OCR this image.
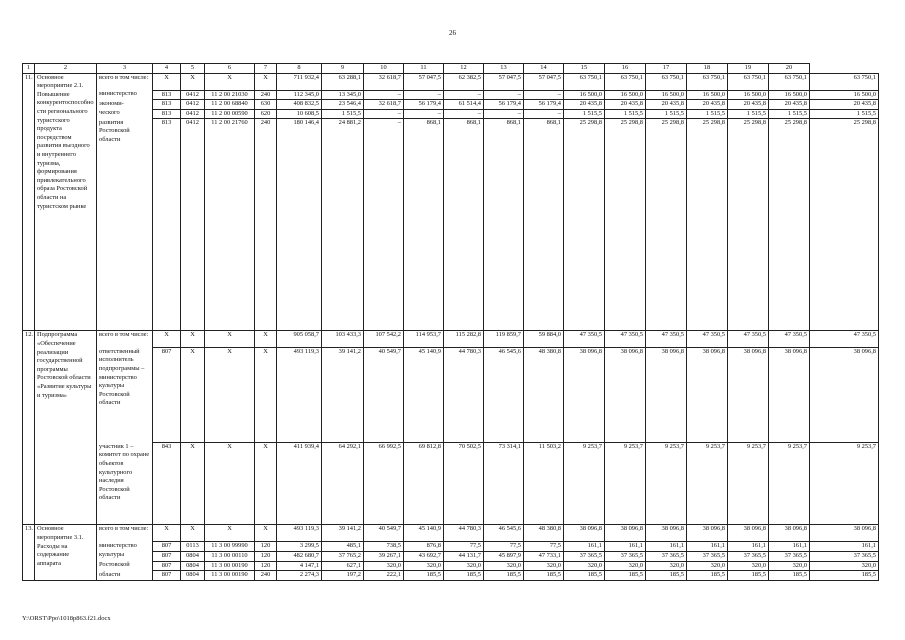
26
1	2	3	4	5	6	7	8	9	10	11	12	13	14	15	16	17	18	19	20	
11.	Основное мероприятие 2.1. Повышение конкурентоспособности регионального туристского продукта посредством развития въездного и внутреннего туризма, формирования привлекательного образа Ростовской области на туристском рынке	всего в том числе:	X	X	X	X	711 932,4	63 288,1	32 618,7	57 047,5	62 382,5	57 047,5	57 047,5	63 750,1	63 750,1	63 750,1	63 750,1	63 750,1	63 750,1	63 750,1
		министерство	813	0412	11 2 00 21030	240	112 345,0	13 345,0	–	–	–	–	–	16 500,0	16 500,0	16 500,0	16 500,0	16 500,0	16 500,0	16 500,0
		экономи-	813	0412	11 2 00 68840	630	408 832,5	23 546,4	32 618,7	56 179,4	61 514,4	56 179,4	56 179,4	20 435,8	20 435,8	20 435,8	20 435,8	20 435,8	20 435,8	20 435,8
		ческого	813	0412	11 2 00 00590	620	10 608,5	1 515,5	–	–	–	–	–	1 515,5	1 515,5	1 515,5	1 515,5	1 515,5	1 515,5	1 515,5
		развития Ростовской области	813	0412	11 2 00 21760	240	180 146,4	24 881,2	–	868,1	868,1	868,1	868,1	25 298,8	25 298,8	25 298,8	25 298,8	25 298,8	25 298,8	25 298,8
12.	Подпрограмма «Обеспечение реализации государственной программы Ростовской области «Развитие культуры и туризма»	всего в том числе:	X	X	X	X	905 058,7	103 433,3	107 542,2	114 953,7	115 282,8	119 859,7	59 884,0	47 350,5	47 350,5	47 350,5	47 350,5	47 350,5	47 350,5	47 350,5
		ответственный исполнитель подпрограммы – министерство культуры Ростовской области	807	X	X	X	493 119,3	39 141,2	40 549,7	45 140,9	44 780,3	46 545,6	48 380,8	38 096,8	38 096,8	38 096,8	38 096,8	38 096,8	38 096,8	38 096,8
		участник 1 – комитет по охране объектов культурного наследия Ростовской области	843	X	X	X	411 939,4	64 292,1	66 992,5	69 812,8	70 502,5	73 314,1	11 503,2	9 253,7	9 253,7	9 253,7	9 253,7	9 253,7	9 253,7	9 253,7
13.	Основное мероприятие 3.1. Расходы на содержание аппарата	всего в том числе:	X	X	X	X	493 119,3	39 141,2	40 549,7	45 140,9	44 780,3	46 545,6	48 380,8	38 096,8	38 096,8	38 096,8	38 096,8	38 096,8	38 096,8	38 096,8
		министерство	807	0113	11 3 00 99990	120	3 299,5	485,1	738,5	876,8	77,5	77,5	77,5	161,1	161,1	161,1	161,1	161,1	161,1	161,1
		культуры	807	0804	11 3 00 00110	120	482 680,7	37 765,2	39 267,1	43 692,7	44 131,7	45 897,9	47 733,1	37 365,5	37 365,5	37 365,5	37 365,5	37 365,5	37 365,5	37 365,5
		Ростовской	807	0804	11 3 00 00190	120	4 147,1	627,1	320,0	320,0	320,0	320,0	320,0	320,0	320,0	320,0	320,0	320,0	320,0	320,0
		области	807	0804	11 3 00 00190	240	2 274,3	197,2	222,1	185,5	185,5	185,5	185,5	185,5	185,5	185,5	185,5	185,5	185,5	185,5
Y:\ORST\Ppo\1018p863.f21.docx
